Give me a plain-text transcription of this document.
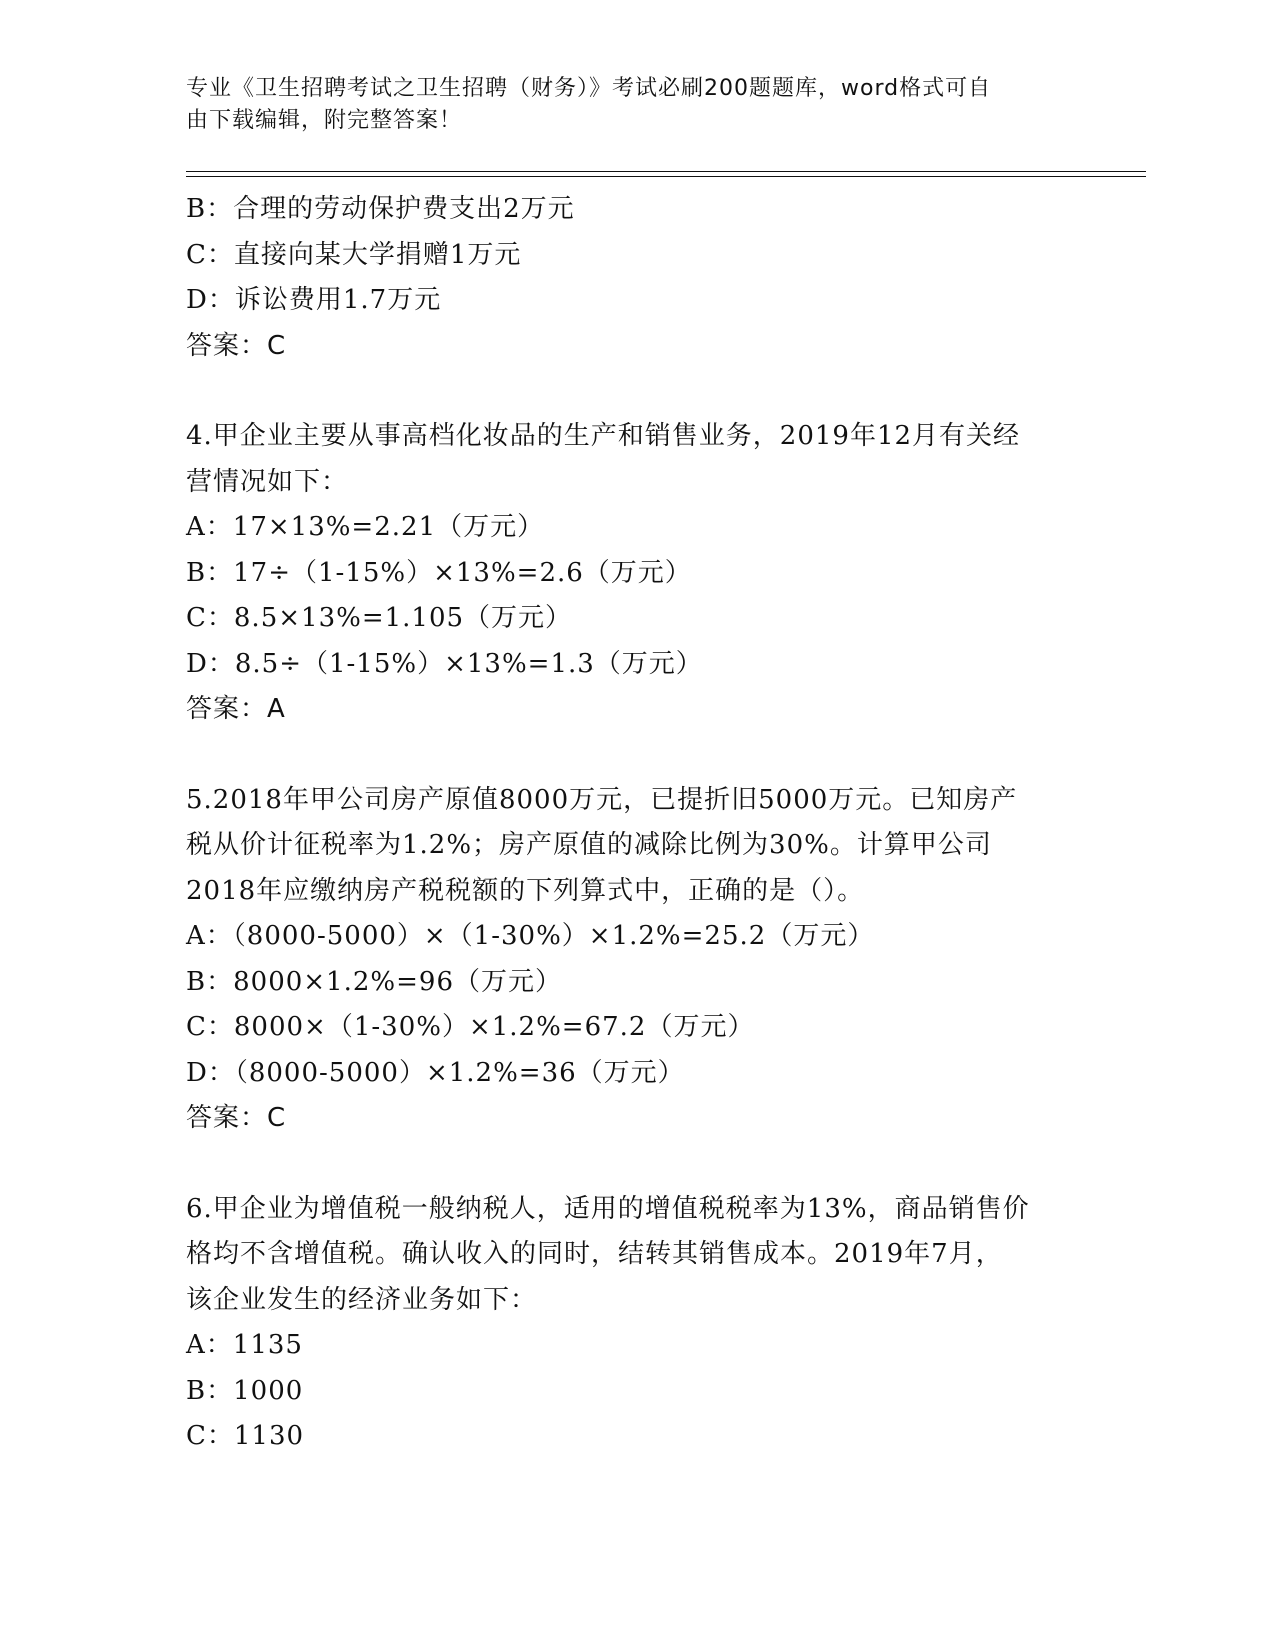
专业《卫生招聘考试之卫生招聘（财务）》考试必刷200题题库，word格式可自
由下载编辑，附完整答案！
B：合理的劳动保护费支出2万元
C：直接向某大学捐赠1万元
D：诉讼费用1.7万元
答案：C
4.甲企业主要从事高档化妆品的生产和销售业务，2019年12月有关经
营情况如下：
A：17×13%=2.21（万元）
B：17÷（1-15%）×13%=2.6（万元）
C：8.5×13%=1.105（万元）
D：8.5÷（1-15%）×13%=1.3（万元）
答案：A
5.2018年甲公司房产原值8000万元，已提折旧5000万元。已知房产
税从价计征税率为1.2%；房产原值的减除比例为30%。计算甲公司
2018年应缴纳房产税税额的下列算式中，正确的是（）。
A：（8000-5000）×（1-30%）×1.2%=25.2（万元）
B：8000×1.2%=96（万元）
C：8000×（1-30%）×1.2%=67.2（万元）
D：（8000-5000）×1.2%=36（万元）
答案：C
6.甲企业为增值税一般纳税人，适用的增值税税率为13%，商品销售价
格均不含增值税。确认收入的同时，结转其销售成本。2019年7月，
该企业发生的经济业务如下：
A：1135
B：1000
C：1130
